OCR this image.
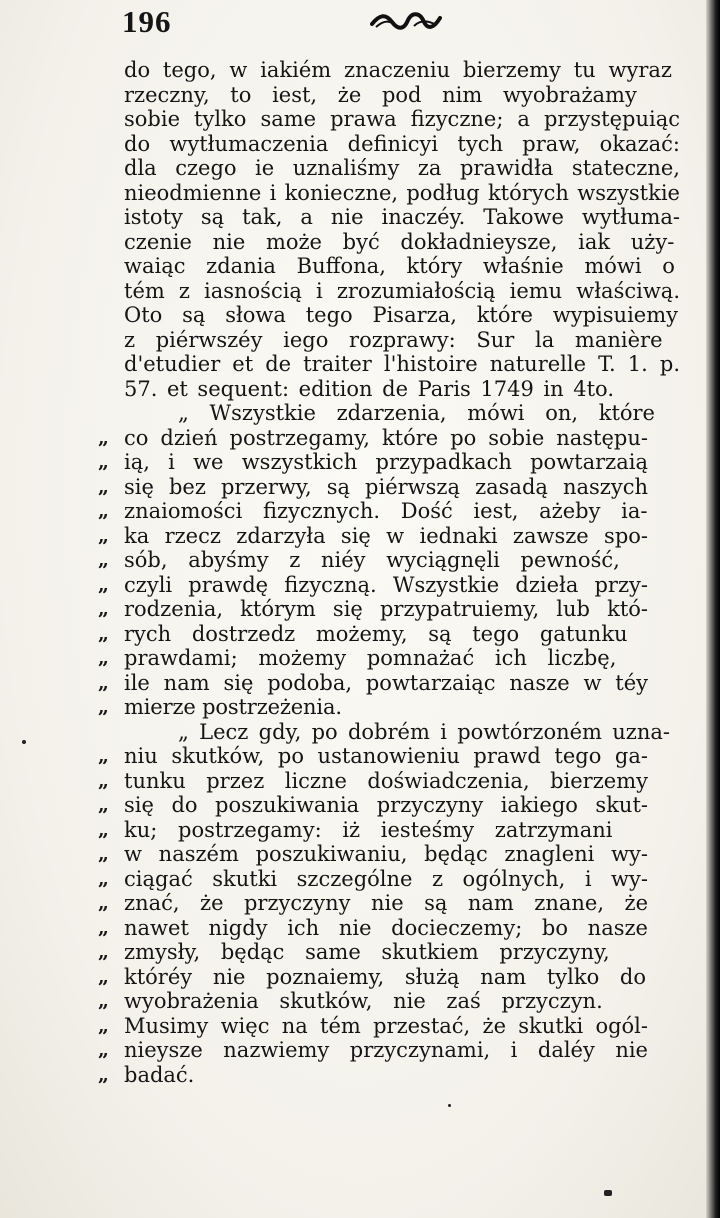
196
do tego, w iakiém znaczeniu bierzemy tu wyraz
rzeczny, to iest, że pod nim wyobrażamy
sobie tylko same prawa fizyczne; a przystępuiąc
do wytłumaczenia definicyi tych praw, okazać:
dla czego ie uznaliśmy za prawidła stateczne,
nieodmienne i konieczne, podług których wszystkie
istoty są tak, a nie inaczéy. Takowe wytłuma-
czenie nie może być dokładnieysze, iak uży-
waiąc zdania Buffona, który właśnie mówi o
tém z iasnością i zrozumiałością iemu właściwą.
Oto są słowa tego Pisarza, które wypisuiemy
z piérwszéy iego rozprawy: Sur la manière
d'etudier et de traiter l'histoire naturelle T. 1. p.
57. et sequent: edition de Paris 1749 in 4to.
„ Wszystkie zdarzenia, mówi on, które
„ co dzień postrzegamy, które po sobie następu-
„ ią, i we wszystkich przypadkach powtarzaią
„ się bez przerwy, są piérwszą zasadą naszych
„ znaiomości fizycznych. Dość iest, ażeby ia-
„ ka rzecz zdarzyła się w iednaki zawsze spo-
„ sób, abyśmy z niéy wyciągnęli pewność,
„ czyli prawdę fizyczną. Wszystkie dzieła przy-
„ rodzenia, którym się przypatruiemy, lub któ-
„ rych dostrzedz możemy, są tego gatunku
„ prawdami; możemy pomnażać ich liczbę,
„ ile nam się podoba, powtarzaiąc nasze w téy
„ mierze postrzeżenia.
„ Lecz gdy, po dobrém i powtórzoném uzna-
„ niu skutków, po ustanowieniu prawd tego ga-
„ tunku przez liczne doświadczenia, bierzemy
„ się do poszukiwania przyczyny iakiego skut-
„ ku; postrzegamy: iż iesteśmy zatrzymani
„ w naszém poszukiwaniu, będąc znagleni wy-
„ ciągać skutki szczególne z ogólnych, i wy-
„ znać, że przyczyny nie są nam znane, że
„ nawet nigdy ich nie docieczemy; bo nasze
„ zmysły, będąc same skutkiem przyczyny,
„ któréy nie poznaiemy, służą nam tylko do
„ wyobrażenia skutków, nie zaś przyczyn.
„ Musimy więc na tém przestać, że skutki ogól-
„ nieysze nazwiemy przyczynami, i daléy nie
„ badać.
